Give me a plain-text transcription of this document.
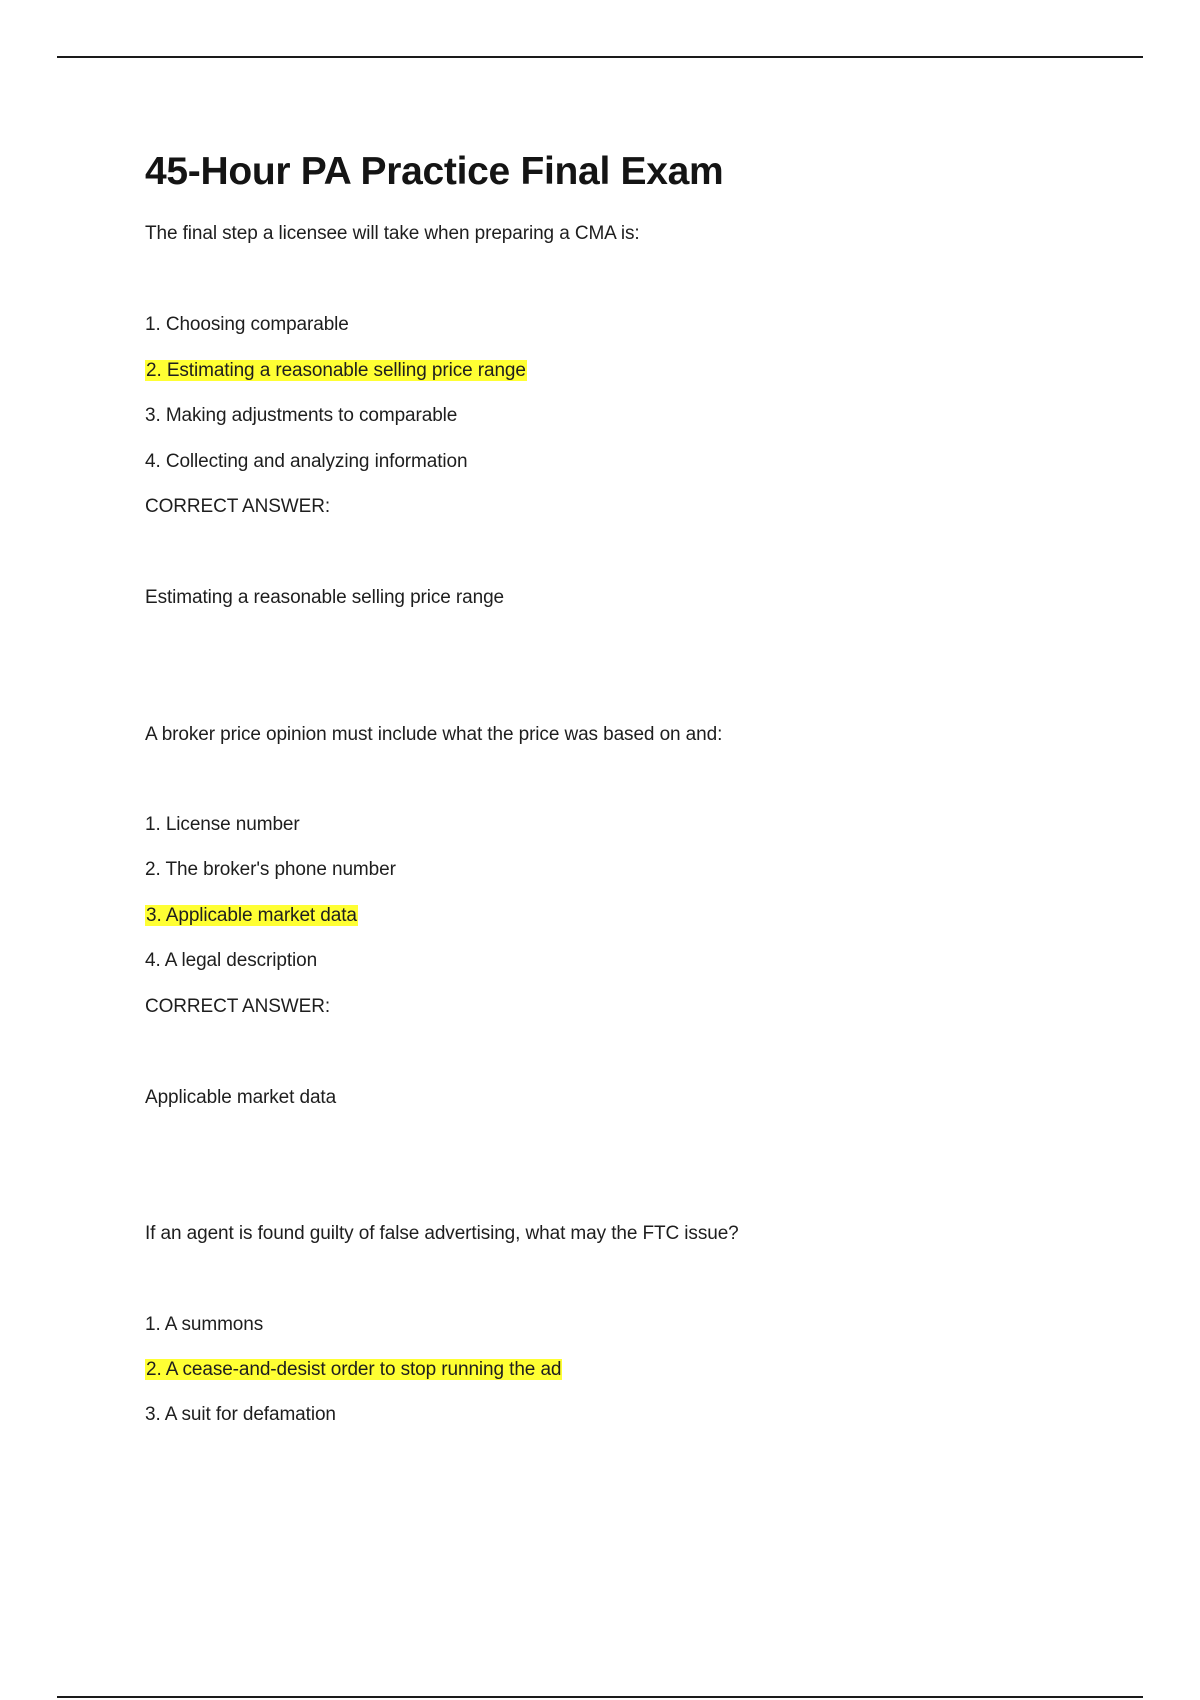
45-Hour PA Practice Final Exam
The final step a licensee will take when preparing a CMA is:
1. Choosing comparable
2. Estimating a reasonable selling price range
3. Making adjustments to comparable
4. Collecting and analyzing information
CORRECT ANSWER:
Estimating a reasonable selling price range
A broker price opinion must include what the price was based on and:
1. License number
2. The broker's phone number
3. Applicable market data
4. A legal description
CORRECT ANSWER:
Applicable market data
If an agent is found guilty of false advertising, what may the FTC issue?
1. A summons
2. A cease-and-desist order to stop running the ad
3. A suit for defamation
